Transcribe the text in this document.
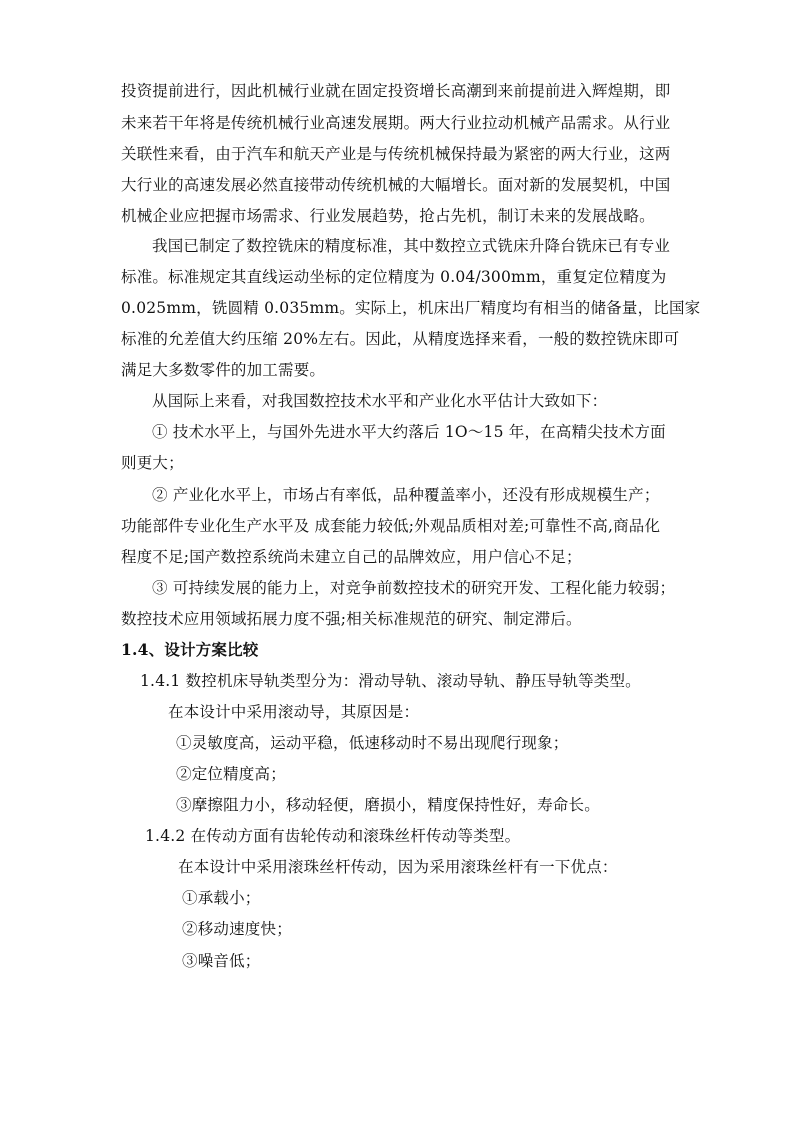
投资提前进行，因此机械行业就在固定投资增长高潮到来前提前进入辉煌期，即

未来若干年将是传统机械行业高速发展期。两大行业拉动机械产品需求。从行业

关联性来看，由于汽车和航天产业是与传统机械保持最为紧密的两大行业，这两

大行业的高速发展必然直接带动传统机械的大幅增长。面对新的发展契机，中国

机械企业应把握市场需求、行业发展趋势，抢占先机，制订未来的发展战略。

我国已制定了数控铣床的精度标准，其中数控立式铣床升降台铣床已有专业

标准。标准规定其直线运动坐标的定位精度为 0.04/300mm，重复定位精度为

0.025mm，铣圆精 0.035mm。实际上，机床出厂精度均有相当的储备量，比国家

标准的允差值大约压缩 20%左右。因此，从精度选择来看，一般的数控铣床即可

满足大多数零件的加工需要。

从国际上来看，对我国数控技术水平和产业化水平估计大致如下：

① 技术水平上，与国外先进水平大约落后 1O～15 年，在高精尖技术方面

则更大；

② 产业化水平上，市场占有率低，品种覆盖率小，还没有形成规模生产；

功能部件专业化生产水平及 成套能力较低;外观品质相对差;可靠性不高,商品化

程度不足;国产数控系统尚未建立自己的品牌效应，用户信心不足；

③ 可持续发展的能力上，对竞争前数控技术的研究开发、工程化能力较弱；

数控技术应用领域拓展力度不强;相关标准规范的研究、制定滞后。

1.4、设计方案比较

1.4.1 数控机床导轨类型分为：滑动导轨、滚动导轨、静压导轨等类型。

在本设计中采用滚动导，其原因是：

①灵敏度高，运动平稳，低速移动时不易出现爬行现象；

②定位精度高；

③摩擦阻力小，移动轻便，磨损小，精度保持性好，寿命长。

1.4.2 在传动方面有齿轮传动和滚珠丝杆传动等类型。

在本设计中采用滚珠丝杆传动，因为采用滚珠丝杆有一下优点：

①承载小；

②移动速度快；

③噪音低；
